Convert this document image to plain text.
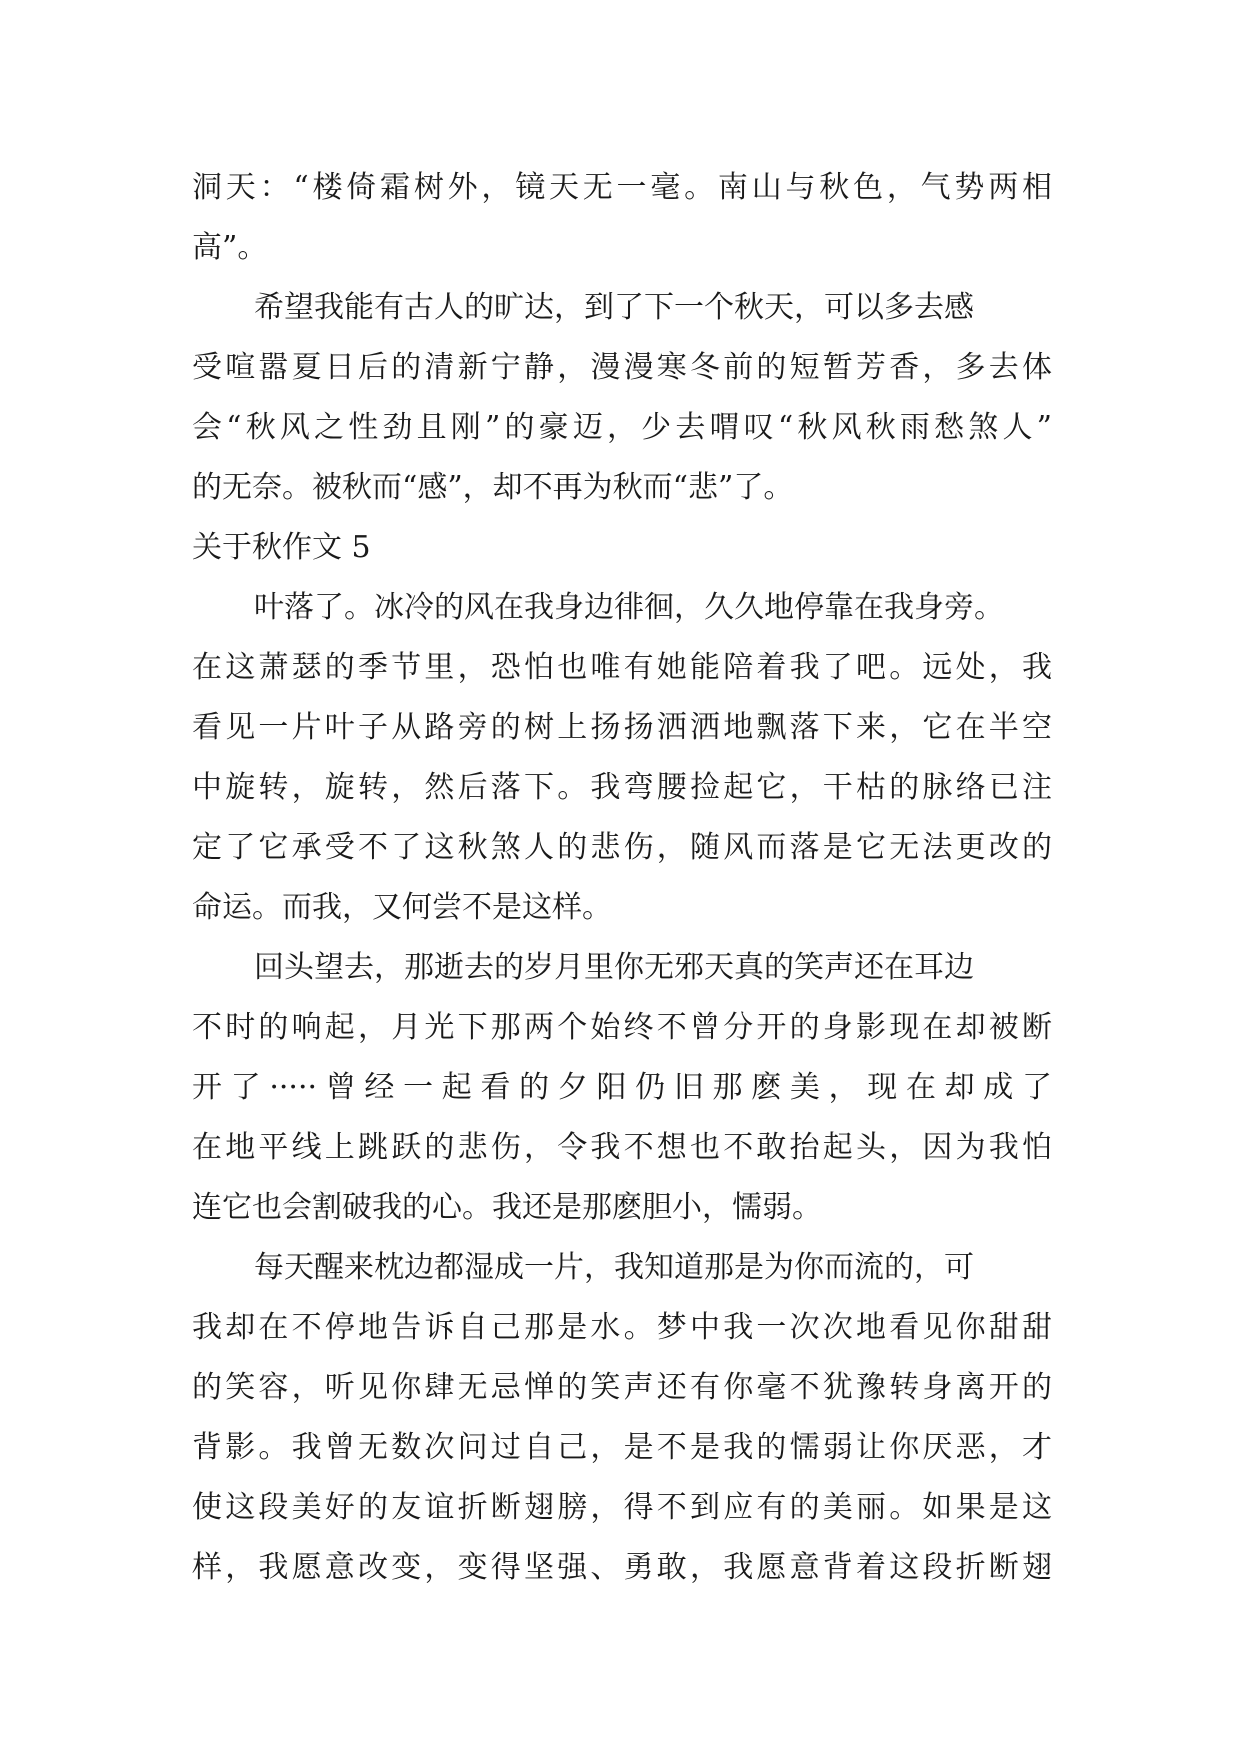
洞天：“楼倚霜树外，镜天无一毫。南山与秋色，气势两相
高”。
希望我能有古人的旷达，到了下一个秋天，可以多去感
受喧嚣夏日后的清新宁静，漫漫寒冬前的短暂芳香，多去体
会“秋风之性劲且刚”的豪迈，少去喟叹“秋风秋雨愁煞人”
的无奈。被秋而“感”，却不再为秋而“悲”了。
关于秋作文 5
叶落了。冰冷的风在我身边徘徊，久久地停靠在我身旁。
在这萧瑟的季节里，恐怕也唯有她能陪着我了吧。远处，我
看见一片叶子从路旁的树上扬扬洒洒地飘落下来，它在半空
中旋转，旋转，然后落下。我弯腰捡起它，干枯的脉络已注
定了它承受不了这秋煞人的悲伤，随风而落是它无法更改的
命运。而我，又何尝不是这样。
回头望去，那逝去的岁月里你无邪天真的笑声还在耳边
不时的响起，月光下那两个始终不曾分开的身影现在却被断
开了·····曾经一起看的夕阳仍旧那麽美，现在却成了
在地平线上跳跃的悲伤，令我不想也不敢抬起头，因为我怕
连它也会割破我的心。我还是那麽胆小，懦弱。
每天醒来枕边都湿成一片，我知道那是为你而流的，可
我却在不停地告诉自己那是水。梦中我一次次地看见你甜甜
的笑容，听见你肆无忌惮的笑声还有你毫不犹豫转身离开的
背影。我曾无数次问过自己，是不是我的懦弱让你厌恶，才
使这段美好的友谊折断翅膀，得不到应有的美丽。如果是这
样，我愿意改变，变得坚强、勇敢，我愿意背着这段折断翅
